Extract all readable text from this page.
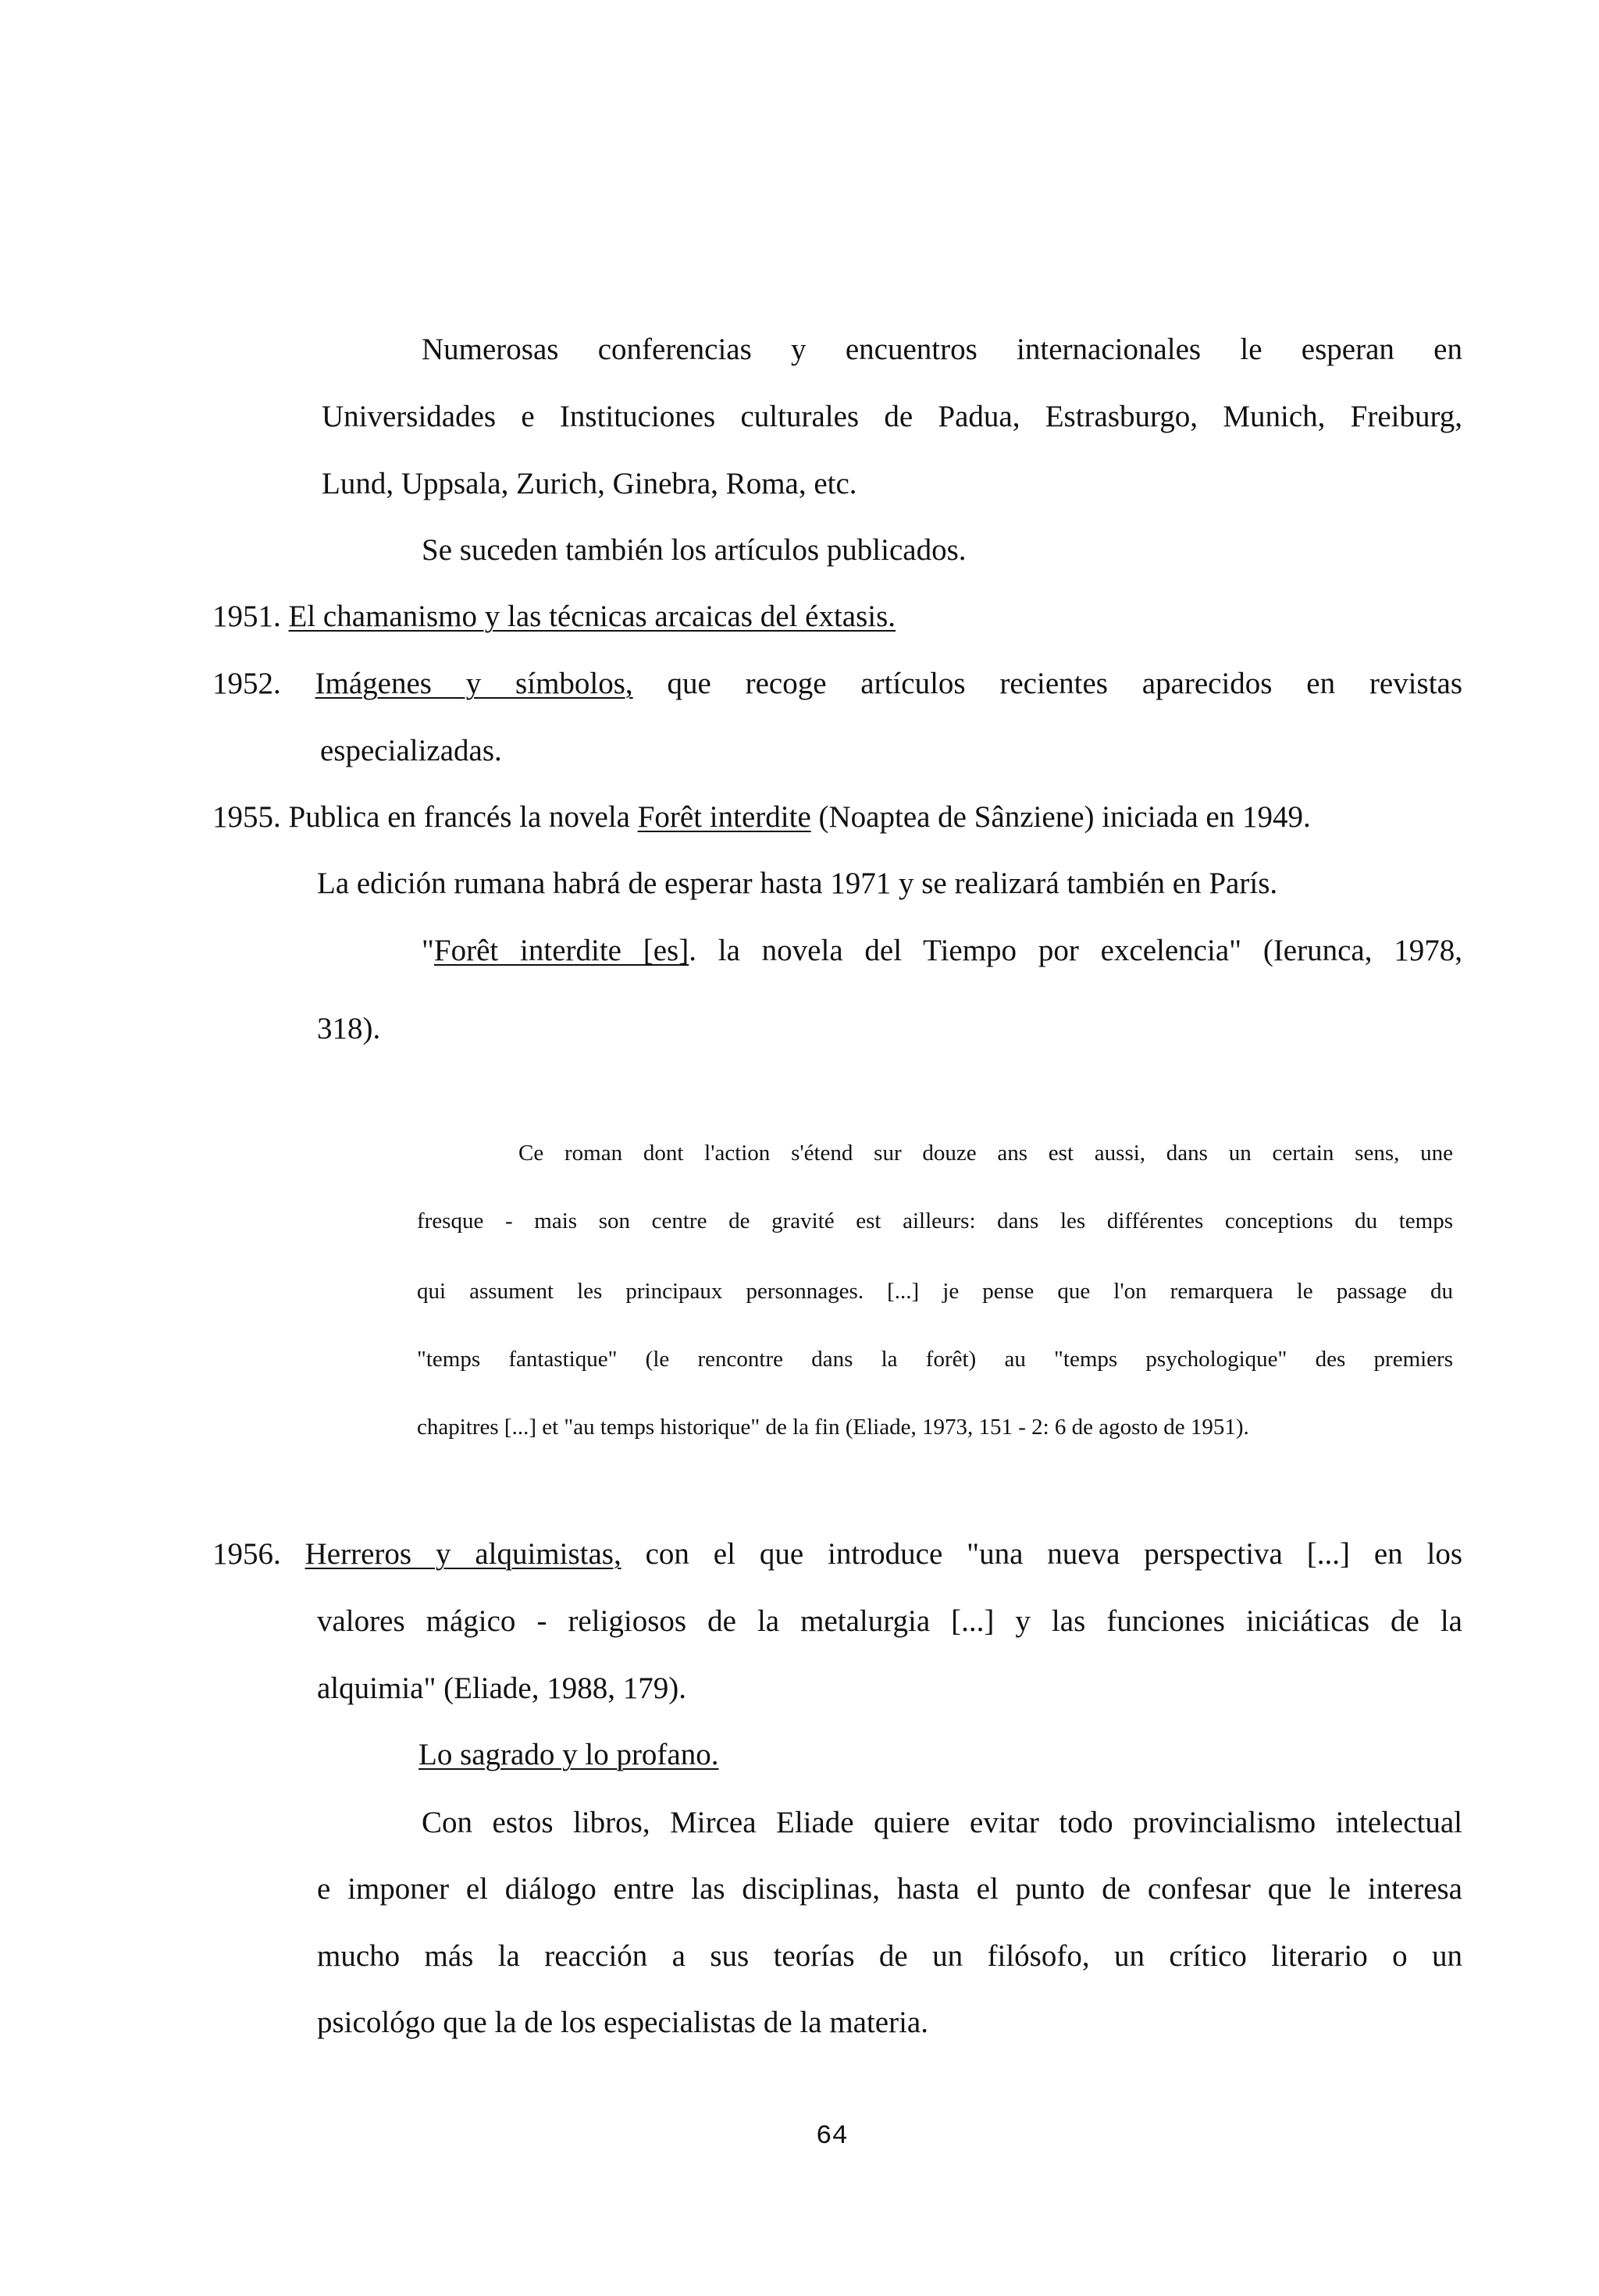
Numerosas conferencias y encuentros internacionales le esperan en
Universidades e Instituciones culturales de Padua, Estrasburgo, Munich, Freiburg,
Lund, Uppsala, Zurich, Ginebra, Roma, etc.
Se suceden también los artículos publicados.
1951. El chamanismo y las técnicas arcaicas del éxtasis.
1952. Imágenes y símbolos, que recoge artículos recientes aparecidos en revistas
especializadas.
1955. Publica en francés la novela Forêt interdite (Noaptea de Sânziene) iniciada en 1949.
La edición rumana habrá de esperar hasta 1971 y se realizará también en París.
"Forêt interdite [es]. la novela del Tiempo por excelencia" (Ierunca, 1978,
318).
Ce roman dont l'action s'étend sur douze ans est aussi, dans un certain sens, une
fresque - mais son centre de gravité est ailleurs: dans les différentes conceptions du temps
qui assument les principaux personnages. [...] je pense que l'on remarquera le passage du
"temps fantastique" (le rencontre dans la forêt) au "temps psychologique" des premiers
chapitres [...] et "au temps historique" de la fin (Eliade, 1973, 151 - 2: 6 de agosto de 1951).
1956. Herreros y alquimistas, con el que introduce "una nueva perspectiva [...] en los
valores mágico - religiosos de la metalurgia [...] y las funciones iniciáticas de la
alquimia" (Eliade, 1988, 179).
Lo sagrado y lo profano.
Con estos libros, Mircea Eliade quiere evitar todo provincialismo intelectual
e imponer el diálogo entre las disciplinas, hasta el punto de confesar que le interesa
mucho más la reacción a sus teorías de un filósofo, un crítico literario o un
psicológo que la de los especialistas de la materia.
64
